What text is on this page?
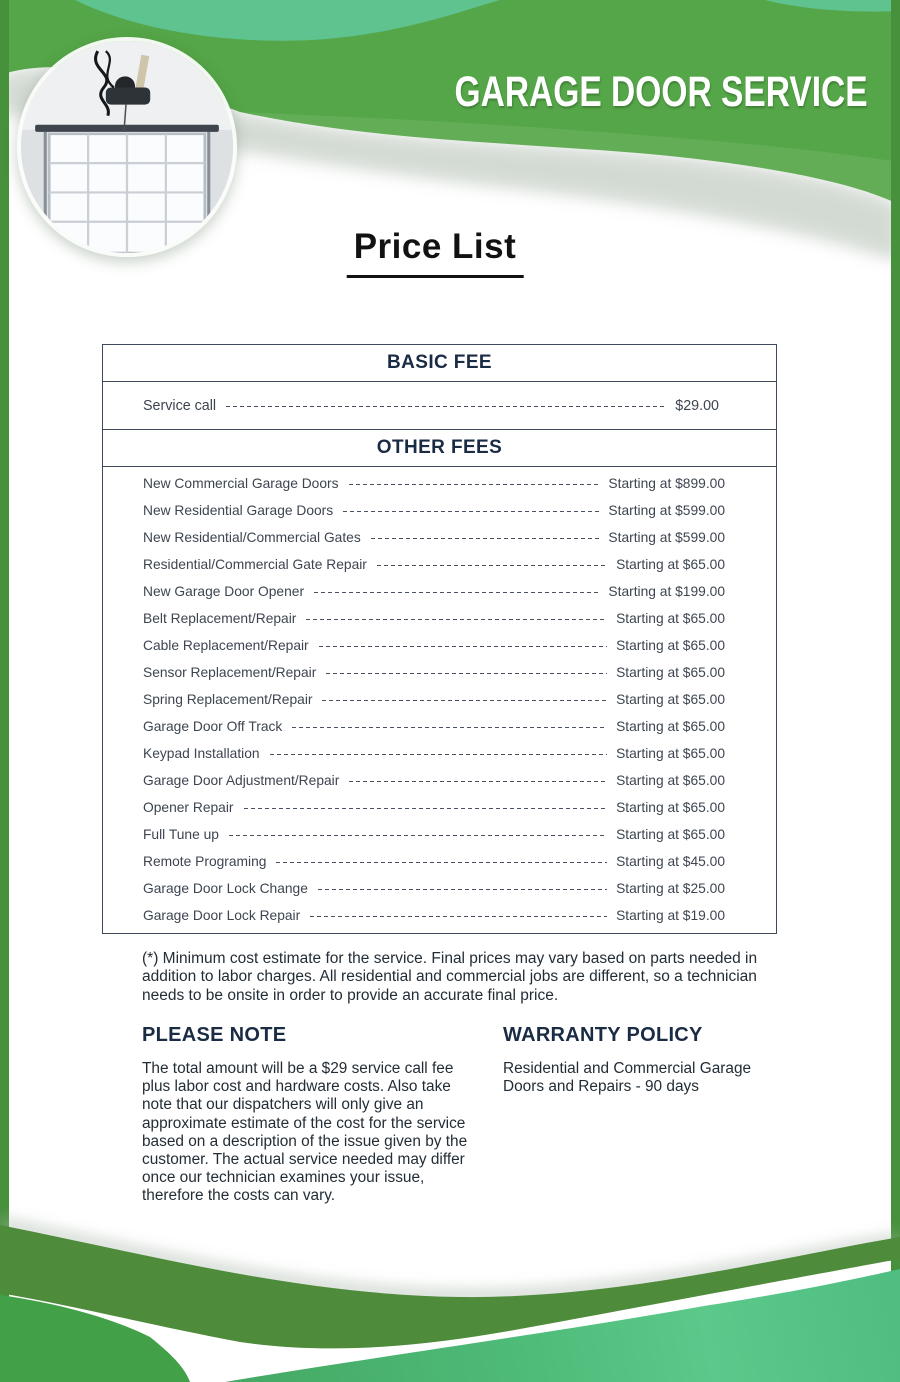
GARAGE DOOR SERVICE
Price List
BASIC FEE
Service call	$29.00
OTHER FEES
New Commercial Garage Doors	Starting at $899.00
New Residential Garage Doors	Starting at $599.00
New Residential/Commercial Gates	Starting at $599.00
Residential/Commercial Gate Repair	Starting at $65.00
New Garage Door Opener	Starting at $199.00
Belt Replacement/Repair	Starting at $65.00
Cable Replacement/Repair	Starting at $65.00
Sensor Replacement/Repair	Starting at $65.00
Spring Replacement/Repair	Starting at $65.00
Garage Door Off Track	Starting at $65.00
Keypad Installation	Starting at $65.00
Garage Door Adjustment/Repair	Starting at $65.00
Opener Repair	Starting at $65.00
Full Tune up	Starting at $65.00
Remote Programing	Starting at $45.00
Garage Door Lock Change	Starting at $25.00
Garage Door Lock Repair	Starting at $19.00

(*) Minimum cost estimate for the service. Final prices may vary based on parts needed in addition to labor charges. All residential and commercial jobs are different, so a technician needs to be onsite in order to provide an accurate final price.

PLEASE NOTE

The total amount will be a $29 service call fee plus labor cost and hardware costs. Also take note that our dispatchers will only give an approximate estimate of the cost for the service based on a description of the issue given by the customer. The actual service needed may differ once our technician examines your issue, therefore the costs can vary.

WARRANTY POLICY

Residential and Commercial Garage Doors and Repairs - 90 days
